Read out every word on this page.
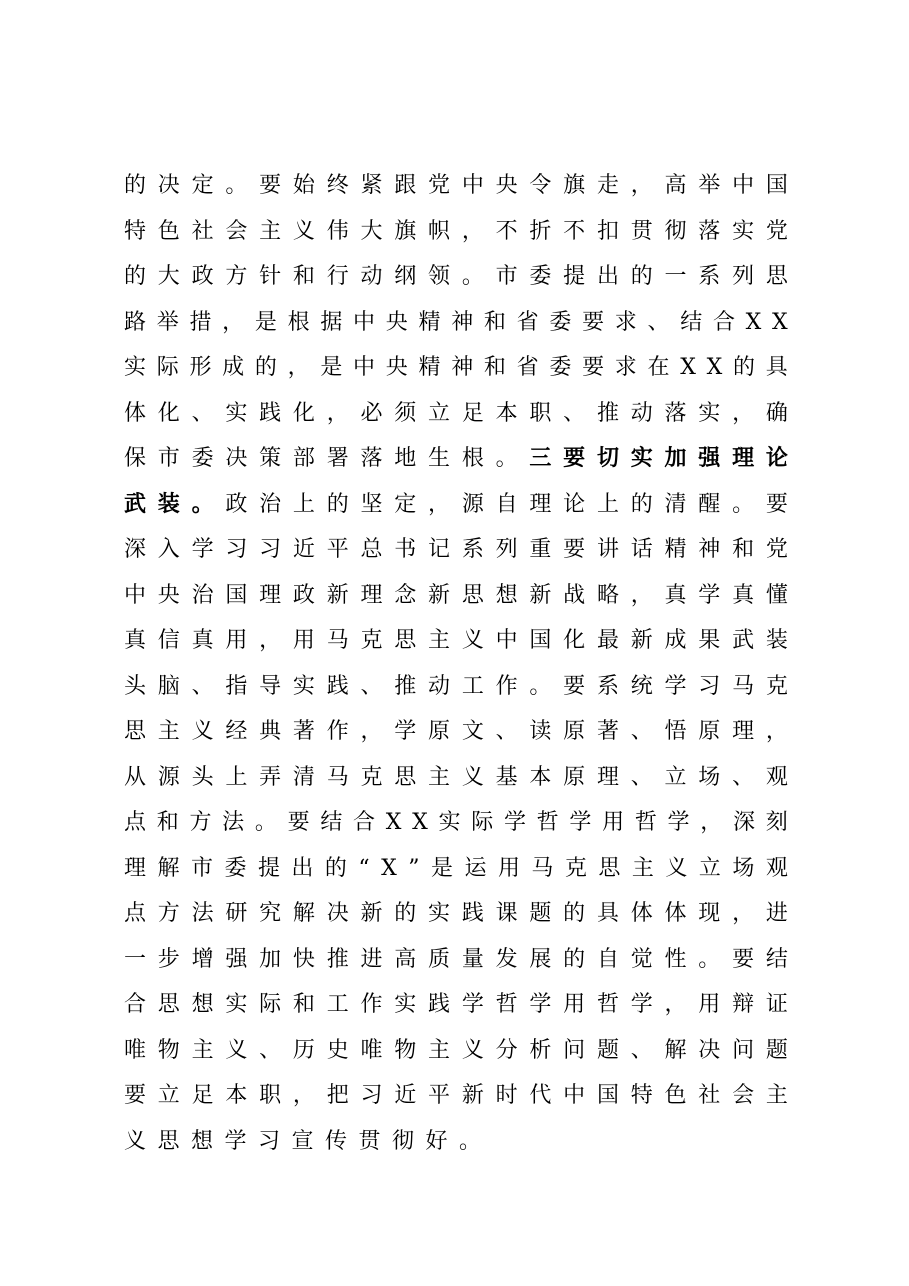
的 决 定 。 要 始 终 紧 跟 党 中 央 令 旗 走 ， 高 举 中 国
特 色 社 会 主 义 伟 大 旗 帜 ， 不 折 不 扣 贯 彻 落 实 党
的 大 政 方 针 和 行 动 纲 领 。 市 委 提 出 的 一 系 列 思
路 举 措 ， 是 根 据 中 央 精 神 和 省 委 要 求 、 结 合 X X
实 际 形 成 的 ， 是 中 央 精 神 和 省 委 要 求 在 X X 的 具
体 化 、 实 践 化 ， 必 须 立 足 本 职 、 推 动 落 实 ， 确
保 市 委 决 策 部 署 落 地 生 根 。 三 要 切 实 加 强 理 论
武 装 。 政 治 上 的 坚 定 ， 源 自 理 论 上 的 清 醒 。 要
深 入 学 习 习 近 平 总 书 记 系 列 重 要 讲 话 精 神 和 党
中 央 治 国 理 政 新 理 念 新 思 想 新 战 略 ， 真 学 真 懂
真 信 真 用 ， 用 马 克 思 主 义 中 国 化 最 新 成 果 武 装
头 脑 、 指 导 实 践 、 推 动 工 作 。 要 系 统 学 习 马 克
思 主 义 经 典 著 作 ， 学 原 文 、 读 原 著 、 悟 原 理 ，
从 源 头 上 弄 清 马 克 思 主 义 基 本 原 理 、 立 场 、 观
点 和 方 法 。 要 结 合 X X 实 际 学 哲 学 用 哲 学 ， 深 刻
理 解 市 委 提 出 的 “ X ” 是 运 用 马 克 思 主 义 立 场 观
点 方 法 研 究 解 决 新 的 实 践 课 题 的 具 体 体 现 ， 进
一 步 增 强 加 快 推 进 高 质 量 发 展 的 自 觉 性 。 要 结
合 思 想 实 际 和 工 作 实 践 学 哲 学 用 哲 学 ， 用 辩 证
唯 物 主 义 、 历 史 唯 物 主 义 分 析 问 题 、 解 决 问 题
要 立 足 本 职 ， 把 习 近 平 新 时 代 中 国 特 色 社 会 主
义思想学习宣传贯彻好。
